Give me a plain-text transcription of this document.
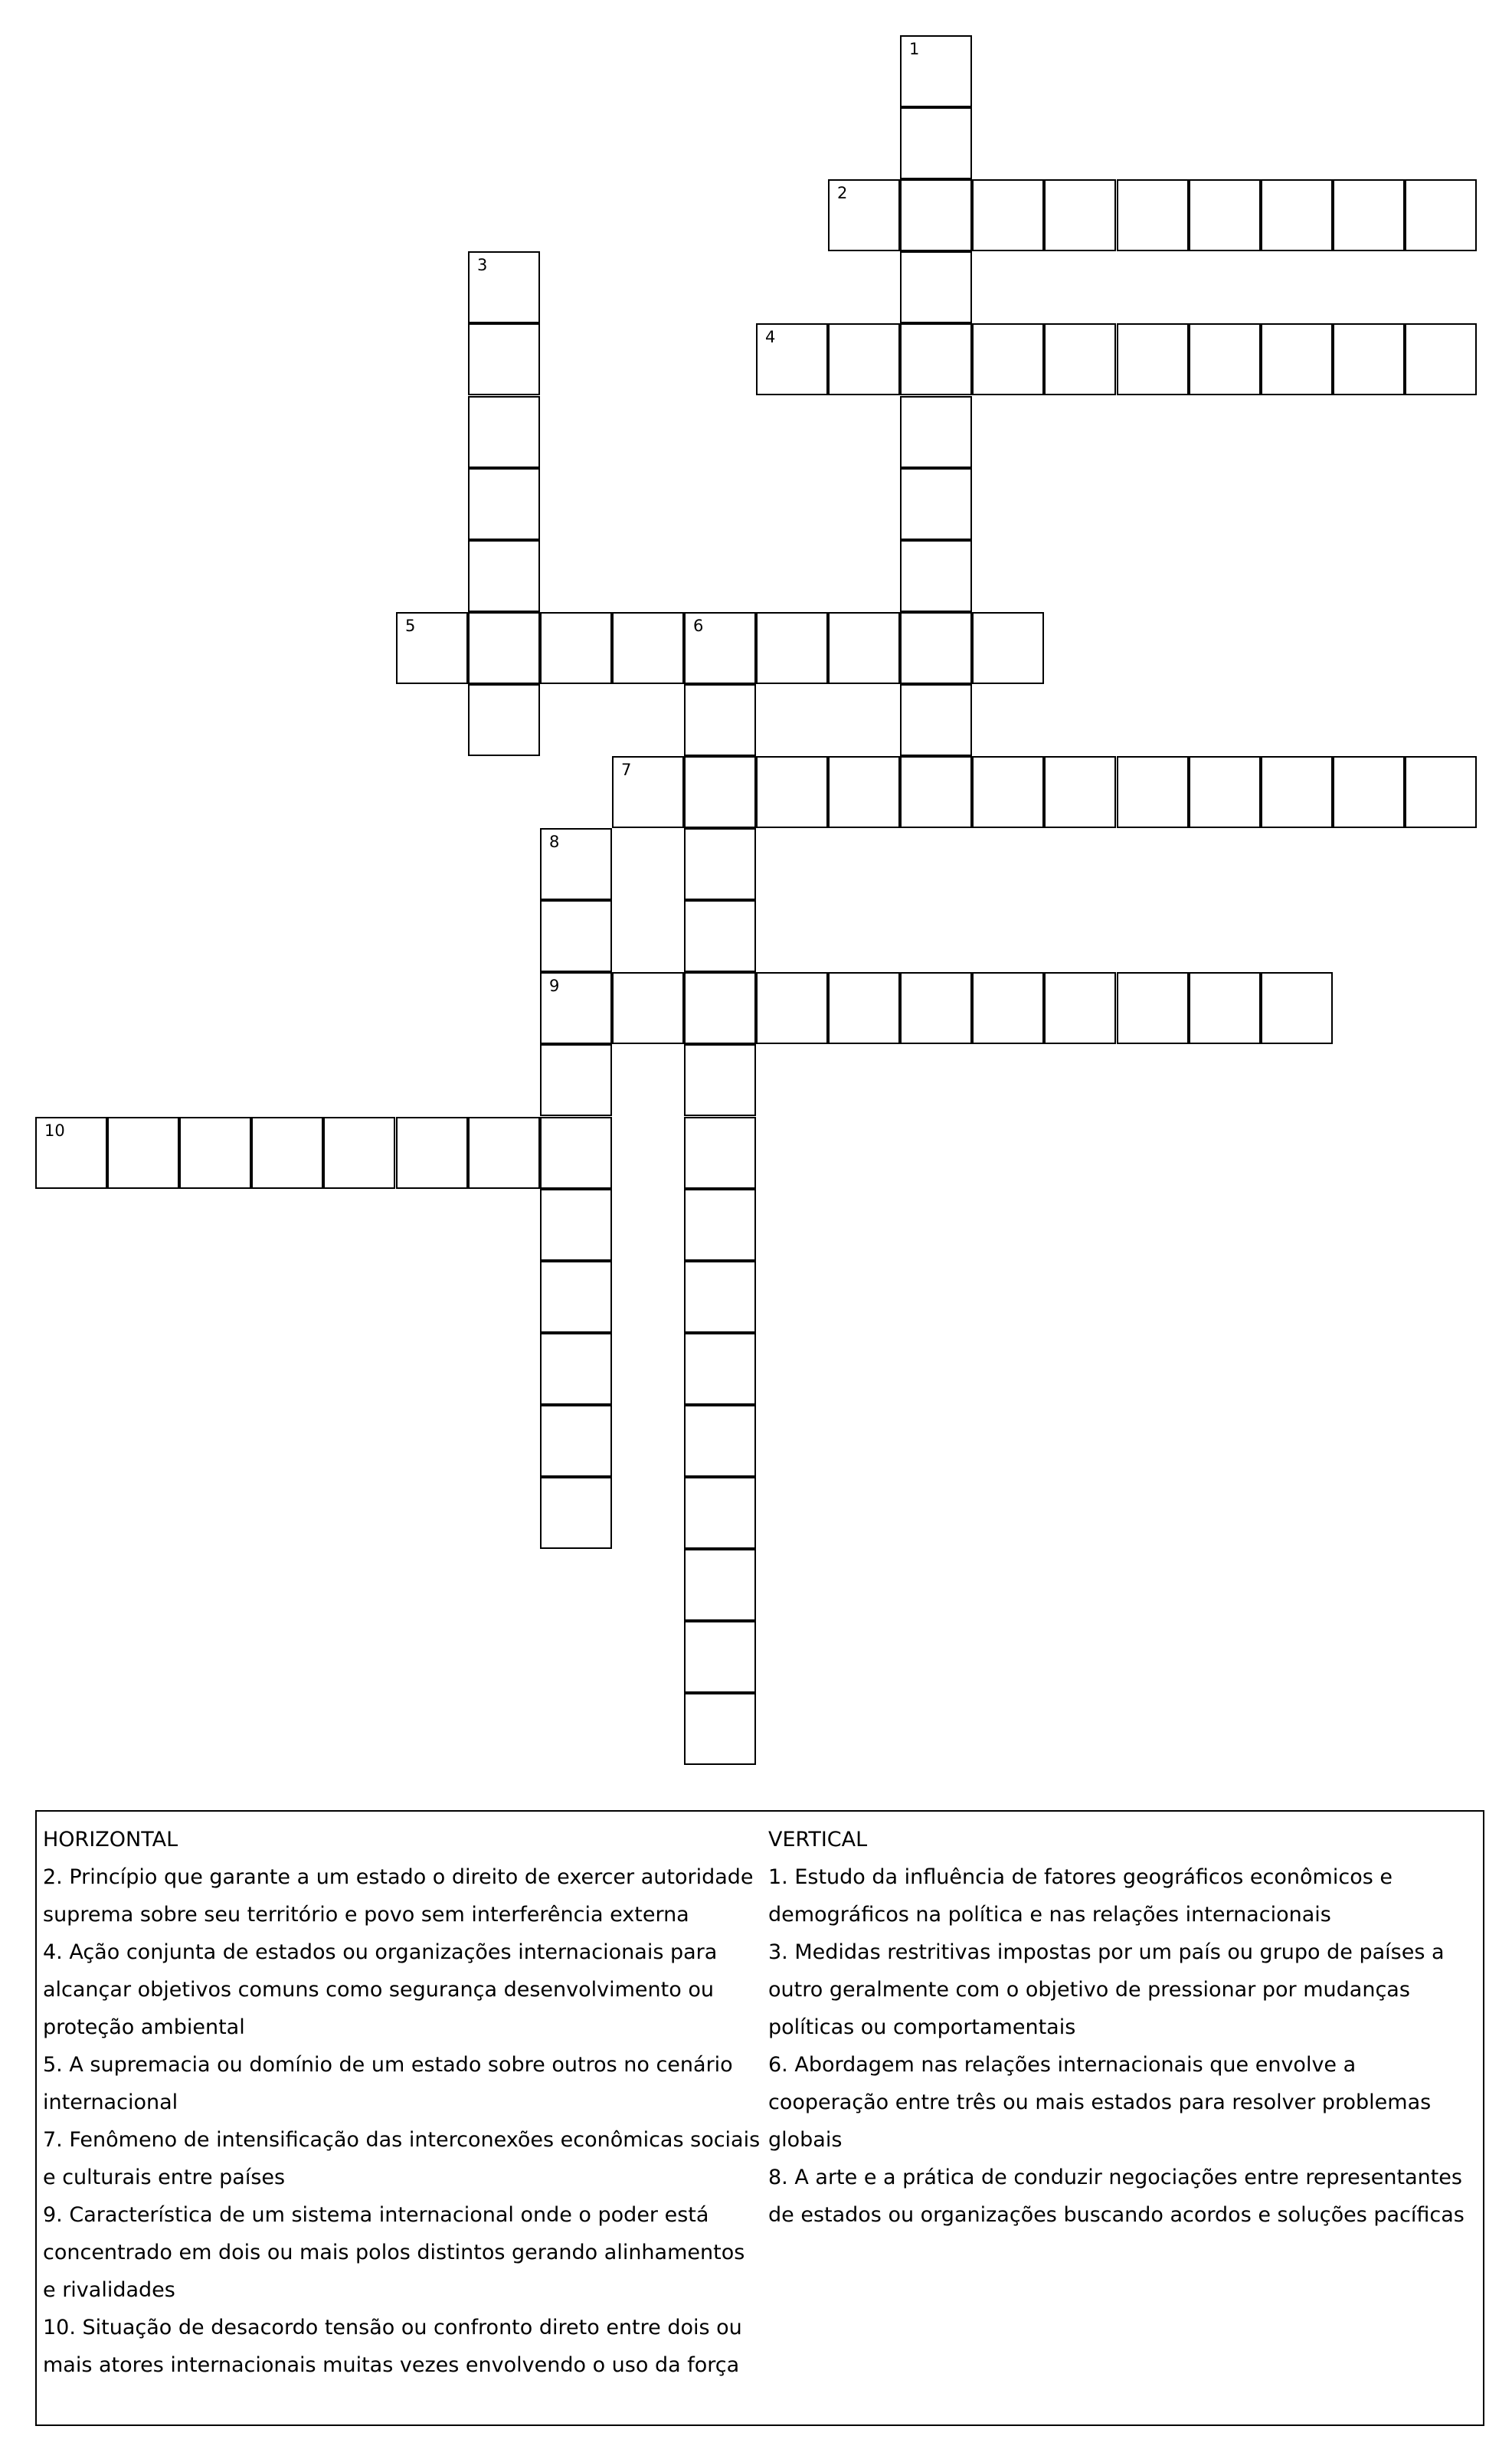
1
2
3
4
5	6
7
8
9
10

HORIZONTAL

2. Princípio que garante a um estado o direito de exercer autoridade suprema sobre seu território e povo sem interferência externa

4. Ação conjunta de estados ou organizações internacionais para alcançar objetivos comuns como segurança desenvolvimento ou proteção ambiental

5. A supremacia ou domínio de um estado sobre outros no cenário internacional

7. Fenômeno de intensificação das interconexões econômicas sociais e culturais entre países

9. Característica de um sistema internacional onde o poder está concentrado em dois ou mais polos distintos gerando alinhamentos e rivalidades

10. Situação de desacordo tensão ou confronto direto entre dois ou mais atores internacionais muitas vezes envolvendo o uso da força

VERTICAL

1. Estudo da influência de fatores geográficos econômicos e demográficos na política e nas relações internacionais

3. Medidas restritivas impostas por um país ou grupo de países a outro geralmente com o objetivo de pressionar por mudanças políticas ou comportamentais

6. Abordagem nas relações internacionais que envolve a cooperação entre três ou mais estados para resolver problemas globais

8. A arte e a prática de conduzir negociações entre representantes de estados ou organizações buscando acordos e soluções pacíficas
